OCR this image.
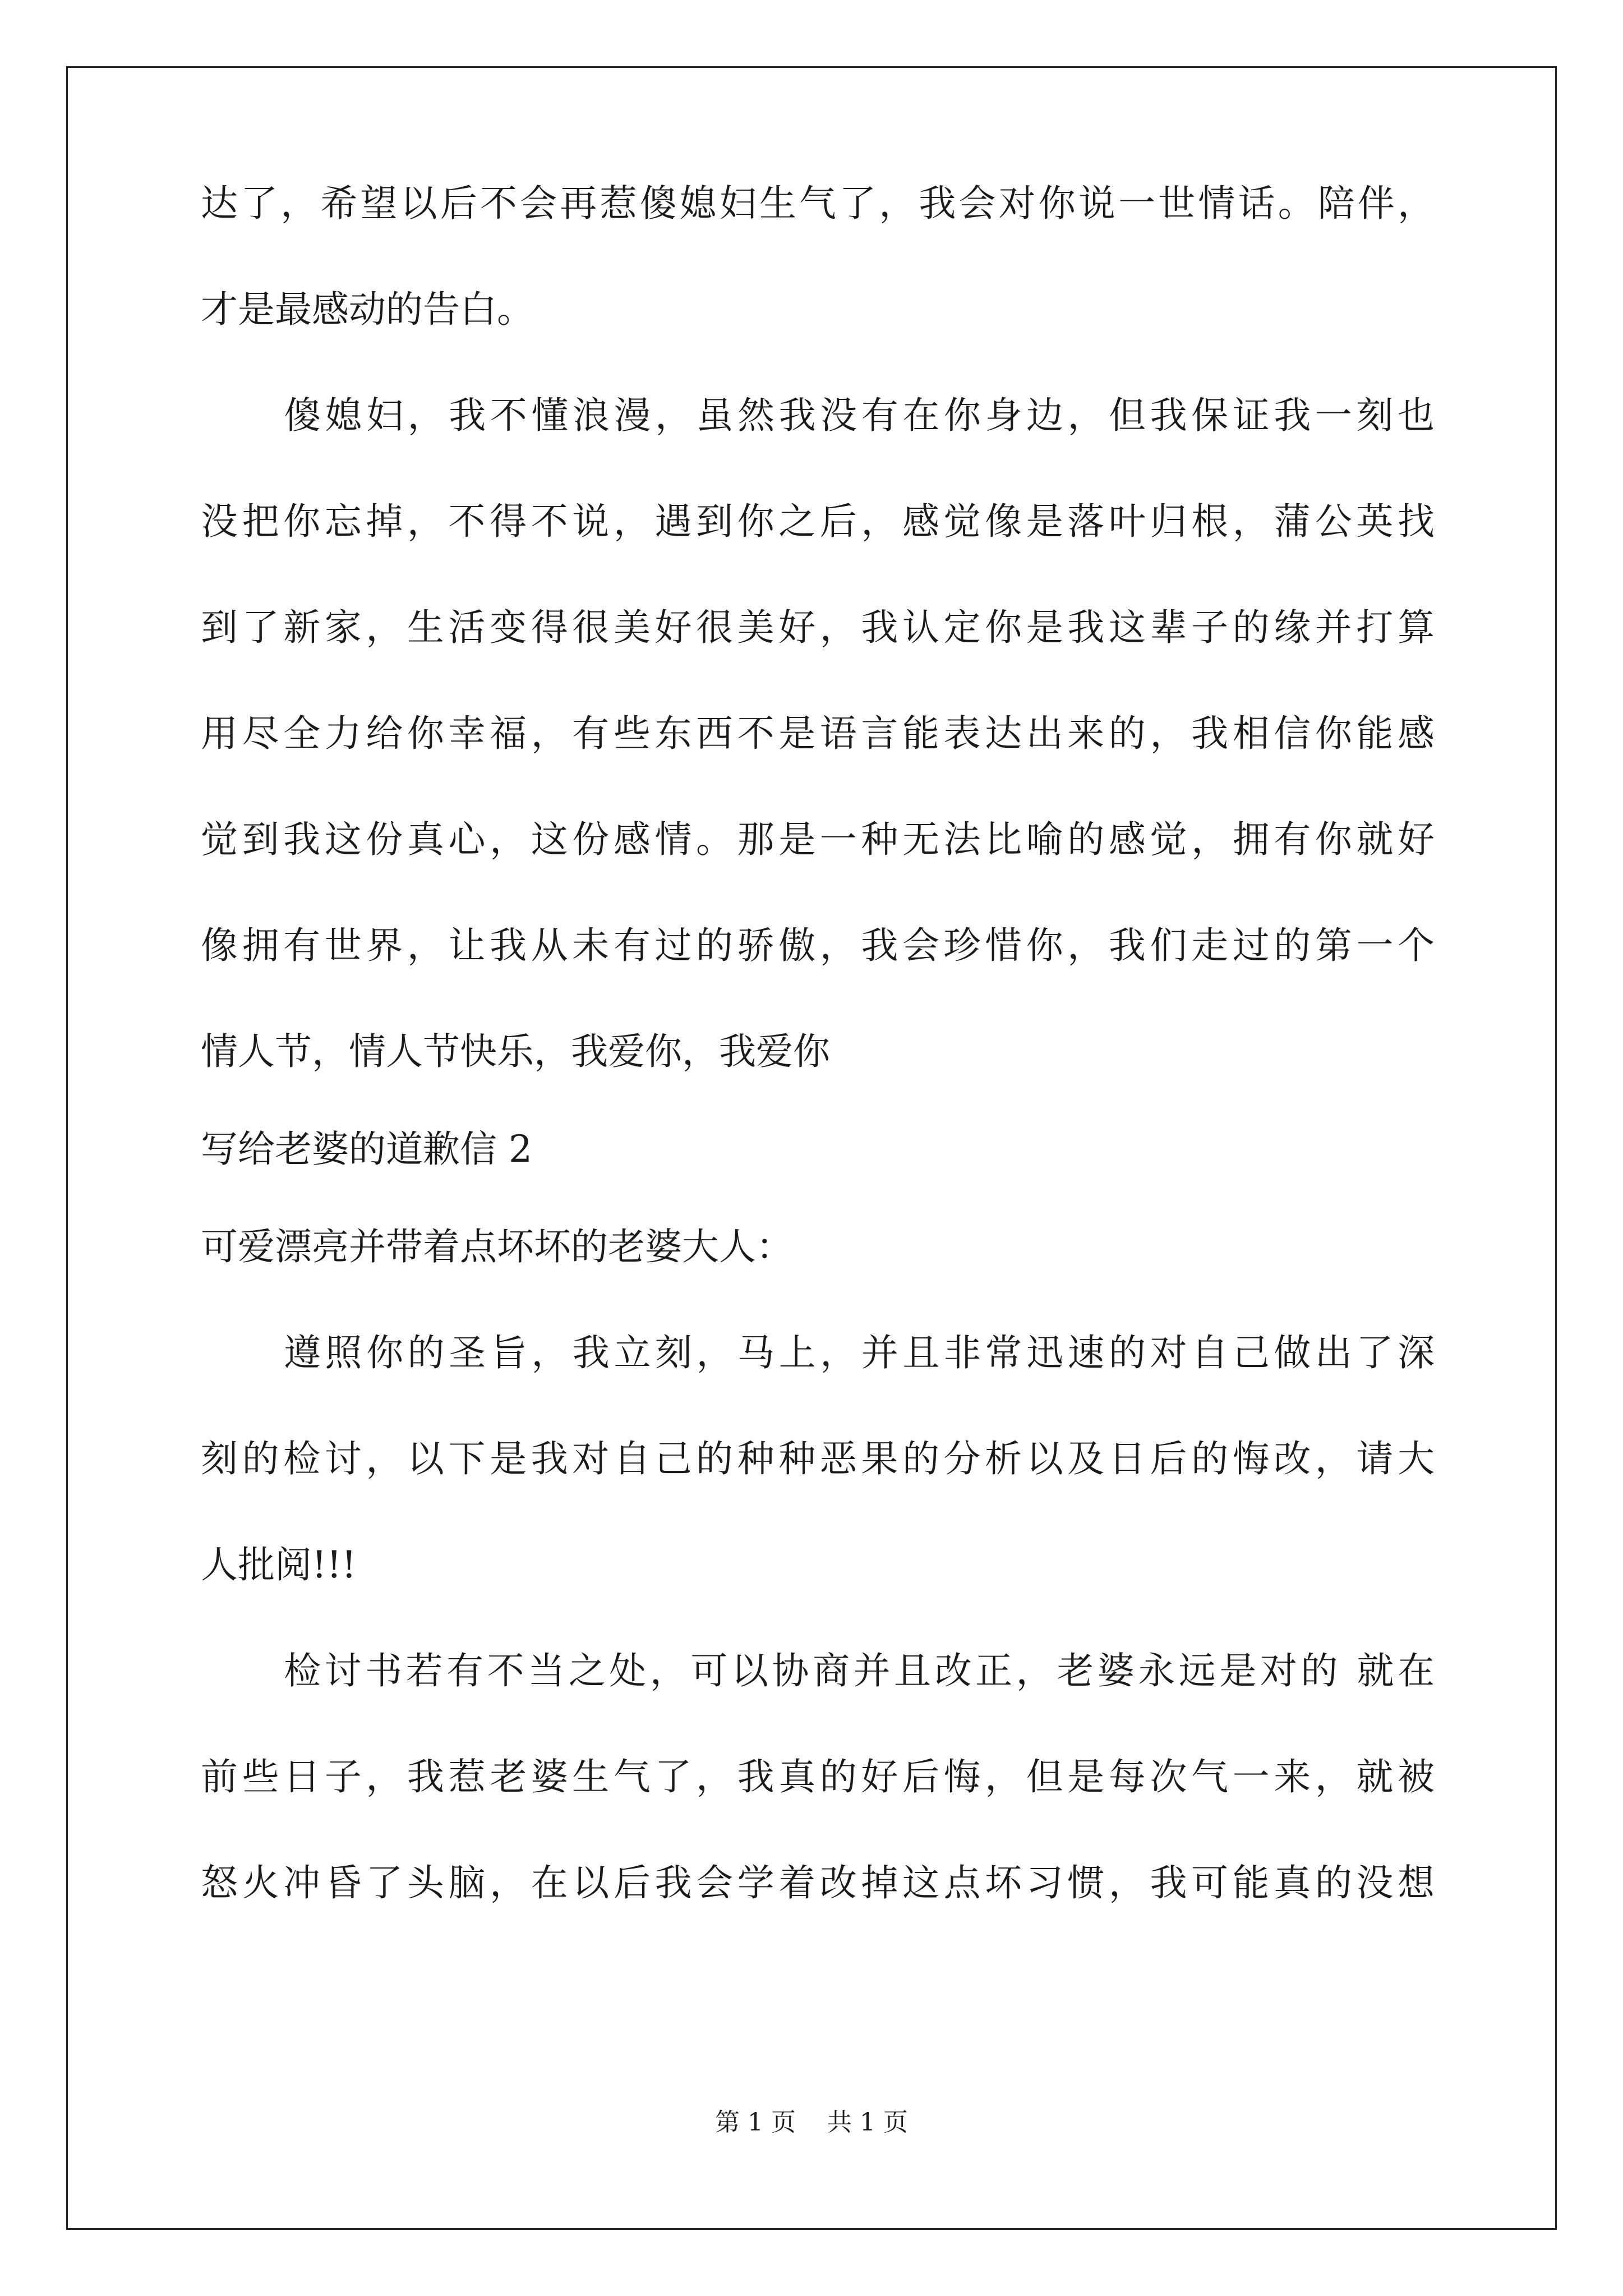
达了，希望以后不会再惹傻媳妇生气了，我会对你说一世情话。陪伴，
才是最感动的告白。
傻媳妇，我不懂浪漫，虽然我没有在你身边，但我保证我一刻也
没把你忘掉，不得不说，遇到你之后，感觉像是落叶归根，蒲公英找
到了新家，生活变得很美好很美好，我认定你是我这辈子的缘并打算
用尽全力给你幸福，有些东西不是语言能表达出来的，我相信你能感
觉到我这份真心，这份感情。那是一种无法比喻的感觉，拥有你就好
像拥有世界，让我从未有过的骄傲，我会珍惜你，我们走过的第一个
情人节，情人节快乐，我爱你，我爱你
写给老婆的道歉信 2
可爱漂亮并带着点坏坏的老婆大人：
遵照你的圣旨，我立刻，马上，并且非常迅速的对自己做出了深
刻的检讨，以下是我对自己的种种恶果的分析以及日后的悔改，请大
人批阅!!!
检讨书若有不当之处，可以协商并且改正，老婆永远是对的 就在
前些日子，我惹老婆生气了，我真的好后悔，但是每次气一来，就被
怒火冲昏了头脑，在以后我会学着改掉这点坏习惯，我可能真的没想
第 1 页 共 1 页
